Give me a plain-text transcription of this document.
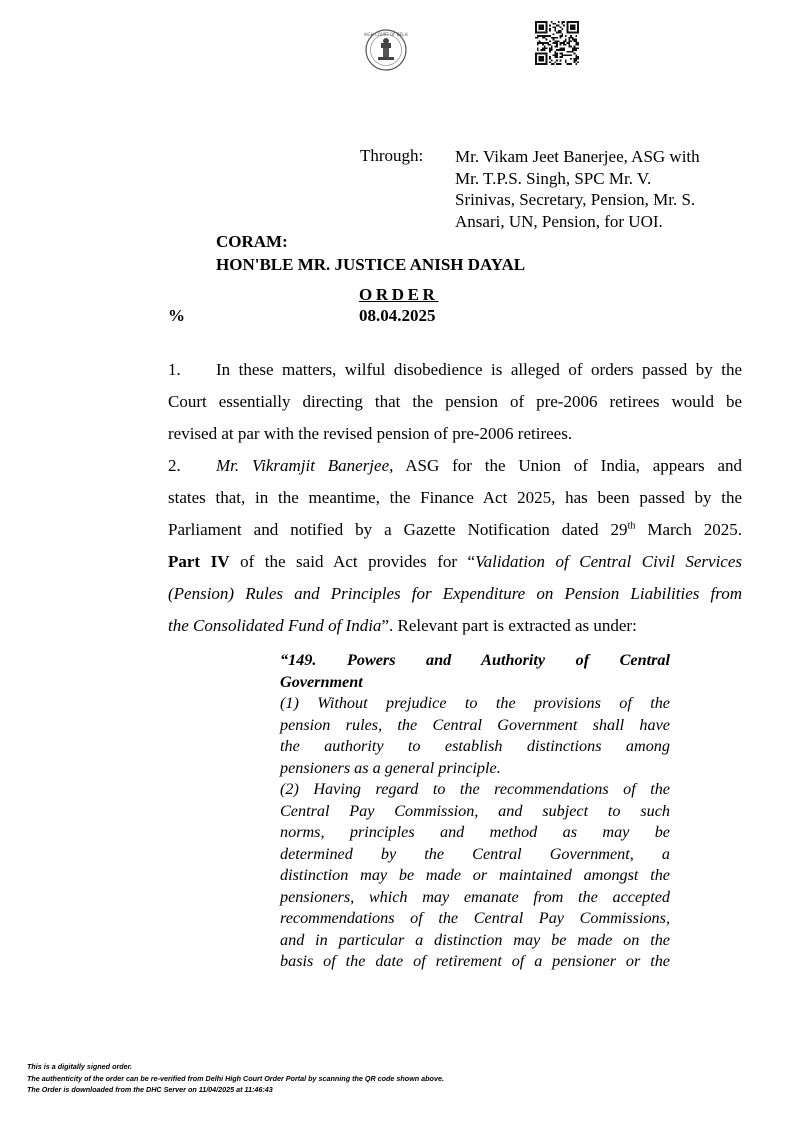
HIGH COURT OF DELHI
Through: Mr. Vikam Jeet Banerjee, ASG with
Mr. T.P.S. Singh, SPC Mr. V.
Srinivas, Secretary, Pension, Mr. S.
Ansari, UN, Pension, for UOI.
CORAM:
HON'BLE MR. JUSTICE ANISH DAYAL
%
ORDER
08.04.2025
1. In these matters, wilful disobedience is alleged of orders passed by the
Court essentially directing that the pension of pre-2006 retirees would be
revised at par with the revised pension of pre-2006 retirees.
2. Mr. Vikramjit Banerjee, ASG for the Union of India, appears and
states that, in the meantime, the Finance Act 2025, has been passed by the
Parliament and notified by a Gazette Notification dated 29th March 2025.
Part IV of the said Act provides for “Validation of Central Civil Services
(Pension) Rules and Principles for Expenditure on Pension Liabilities from
the Consolidated Fund of India”. Relevant part is extracted as under:
“149. Powers and Authority of Central
Government
(1) Without prejudice to the provisions of the
pension rules, the Central Government shall have
the authority to establish distinctions among
pensioners as a general principle.
(2) Having regard to the recommendations of the
Central Pay Commission, and subject to such
norms, principles and method as may be
determined by the Central Government, a
distinction may be made or maintained amongst the
pensioners, which may emanate from the accepted
recommendations of the Central Pay Commissions,
and in particular a distinction may be made on the
basis of the date of retirement of a pensioner or the
This is a digitally signed order.
The authenticity of the order can be re-verified from Delhi High Court Order Portal by scanning the QR code shown above.
The Order is downloaded from the DHC Server on 11/04/2025 at 11:46:43
